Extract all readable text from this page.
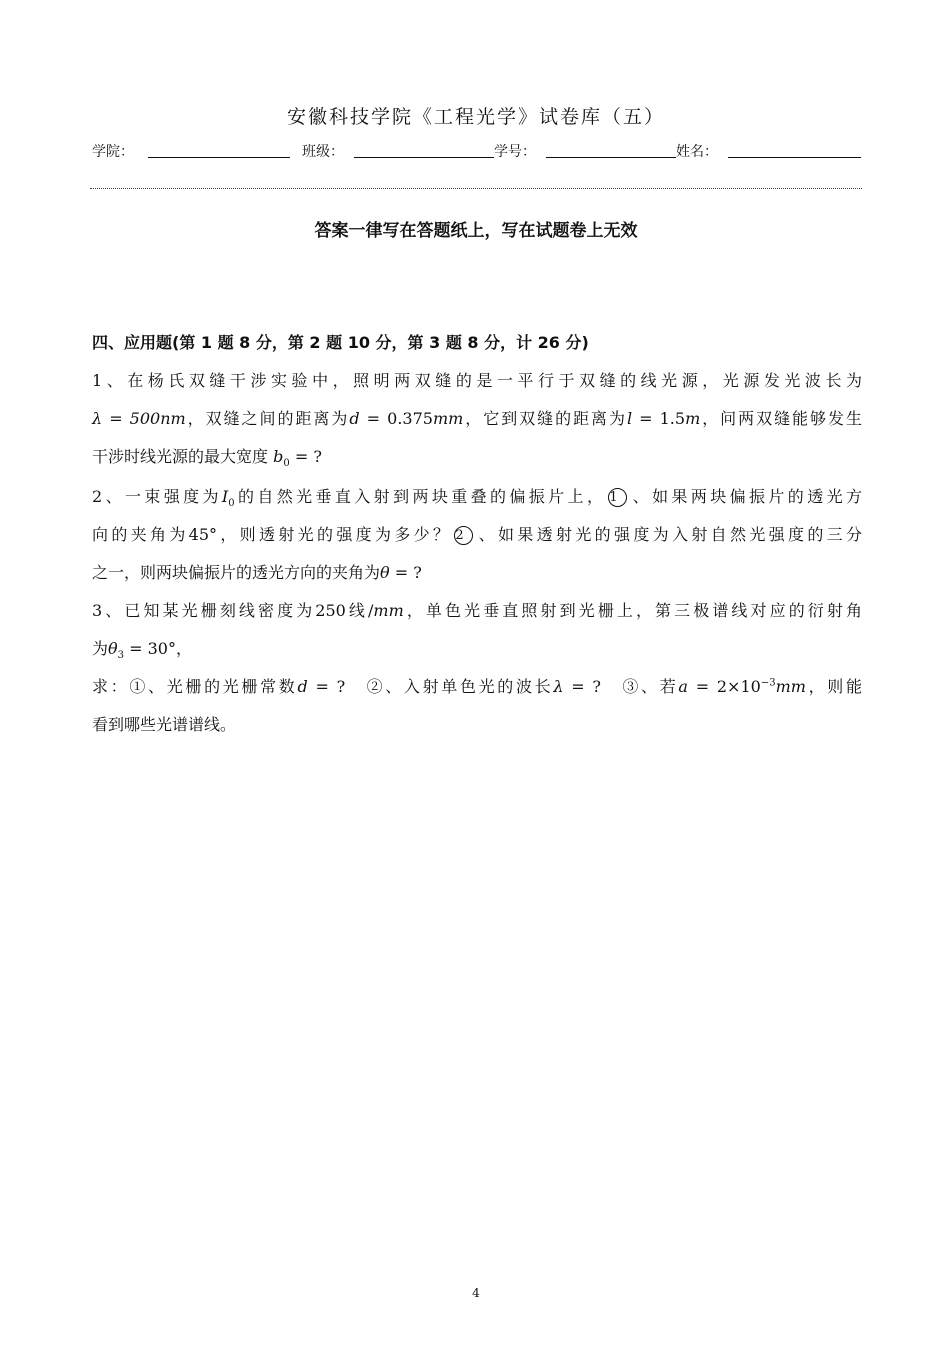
安徽科技学院《工程光学》试卷库（五）
学院：	班级：	学号：	姓名：
答案一律写在答题纸上，写在试题卷上无效
四、应用题(第 1 题 8 分，第 2 题 10 分，第 3 题 8 分，计 26 分)
1、在杨氏双缝干涉实验中，照明两双缝的是一平行于双缝的线光源，光源发光波长为
λ = 500nm，双缝之间的距离为d = 0.375mm，它到双缝的距离为l = 1.5m，问两双缝能够发生
干涉时线光源的最大宽度 $b_0$ = ?
2、一束强度为$I_0$的自然光垂直入射到两块重叠的偏振片上， 1 、如果两块偏振片的透光方
向的夹角为45°，则透射光的强度为多少？ 2 、如果透射光的强度为入射自然光强度的三分
之一，则两块偏振片的透光方向的夹角为θ = ?
3、已知某光栅刻线密度为250线/mm，单色光垂直照射到光栅上，第三极谱线对应的衍射角
为$\theta_3 = 30^\circ$，
求：①、光栅的光栅常数d = ?　②、入射单色光的波长λ = ?　③、若$a = 2\times 10^{-3}mm$，则能
看到哪些光谱谱线。
4
